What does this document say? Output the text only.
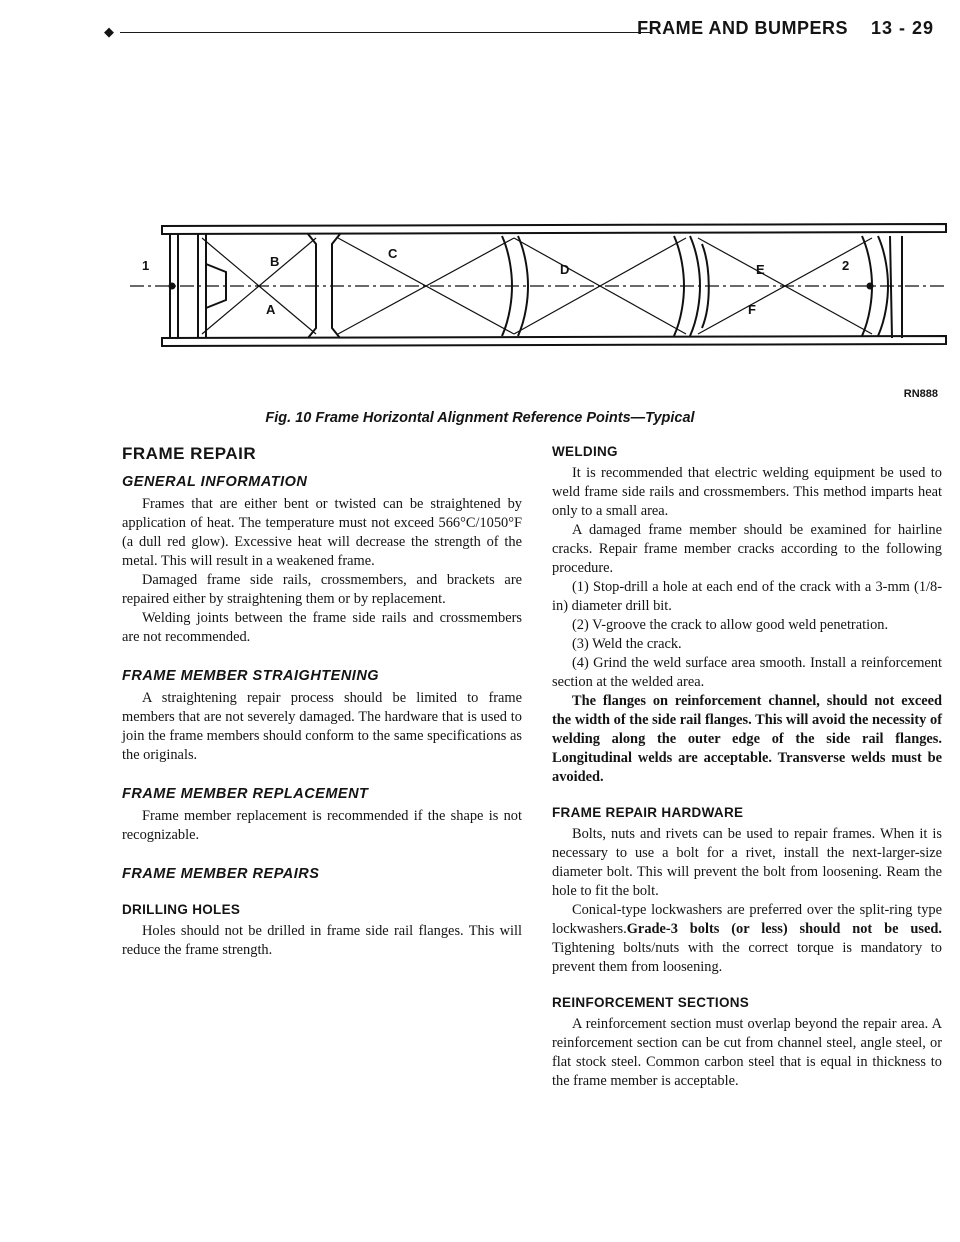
◆	FRAME AND BUMPERS 13 - 29
1	B
A
C
D	E	2
F
RN888
Fig. 10 Frame Horizontal Alignment Reference Points—Typical
FRAME REPAIR
GENERAL INFORMATION

Frames that are either bent or twisted can be straightened by application of heat. The temperature must not exceed 566°C/1050°F (a dull red glow). Excessive heat will decrease the strength of the metal. This will result in a weakened frame.

Damaged frame side rails, crossmembers, and brackets are repaired either by straightening them or by replacement.

Welding joints between the frame side rails and crossmembers are not recommended.

FRAME MEMBER STRAIGHTENING

A straightening repair process should be limited to frame members that are not severely damaged. The hardware that is used to join the frame members should conform to the same specifications as the originals.

FRAME MEMBER REPLACEMENT

Frame member replacement is recommended if the shape is not recognizable.

FRAME MEMBER REPAIRS
DRILLING HOLES

Holes should not be drilled in frame side rail flanges. This will reduce the frame strength.

WELDING

It is recommended that electric welding equipment be used to weld frame side rails and crossmembers. This method imparts heat only to a small area.

A damaged frame member should be examined for hairline cracks. Repair frame member cracks according to the following procedure.

(1) Stop-drill a hole at each end of the crack with a 3-mm (1/8-in) diameter drill bit.

(2) V-groove the crack to allow good weld penetration.

(3) Weld the crack.

(4) Grind the weld surface area smooth. Install a reinforcement section at the welded area.

The flanges on reinforcement channel, should not exceed the width of the side rail flanges. This will avoid the necessity of welding along the outer edge of the side rail flanges. Longitudinal welds are acceptable. Transverse welds must be avoided.

FRAME REPAIR HARDWARE

Bolts, nuts and rivets can be used to repair frames. When it is necessary to use a bolt for a rivet, install the next-larger-size diameter bolt. This will prevent the bolt from loosening. Ream the hole to fit the bolt.

Conical-type lockwashers are preferred over the split-ring type lockwashers.Grade-3 bolts (or less) should not be used. Tightening bolts/nuts with the correct torque is mandatory to prevent them from loosening.

REINFORCEMENT SECTIONS

A reinforcement section must overlap beyond the repair area. A reinforcement section can be cut from channel steel, angle steel, or flat stock steel. Common carbon steel that is equal in thickness to the frame member is acceptable.
